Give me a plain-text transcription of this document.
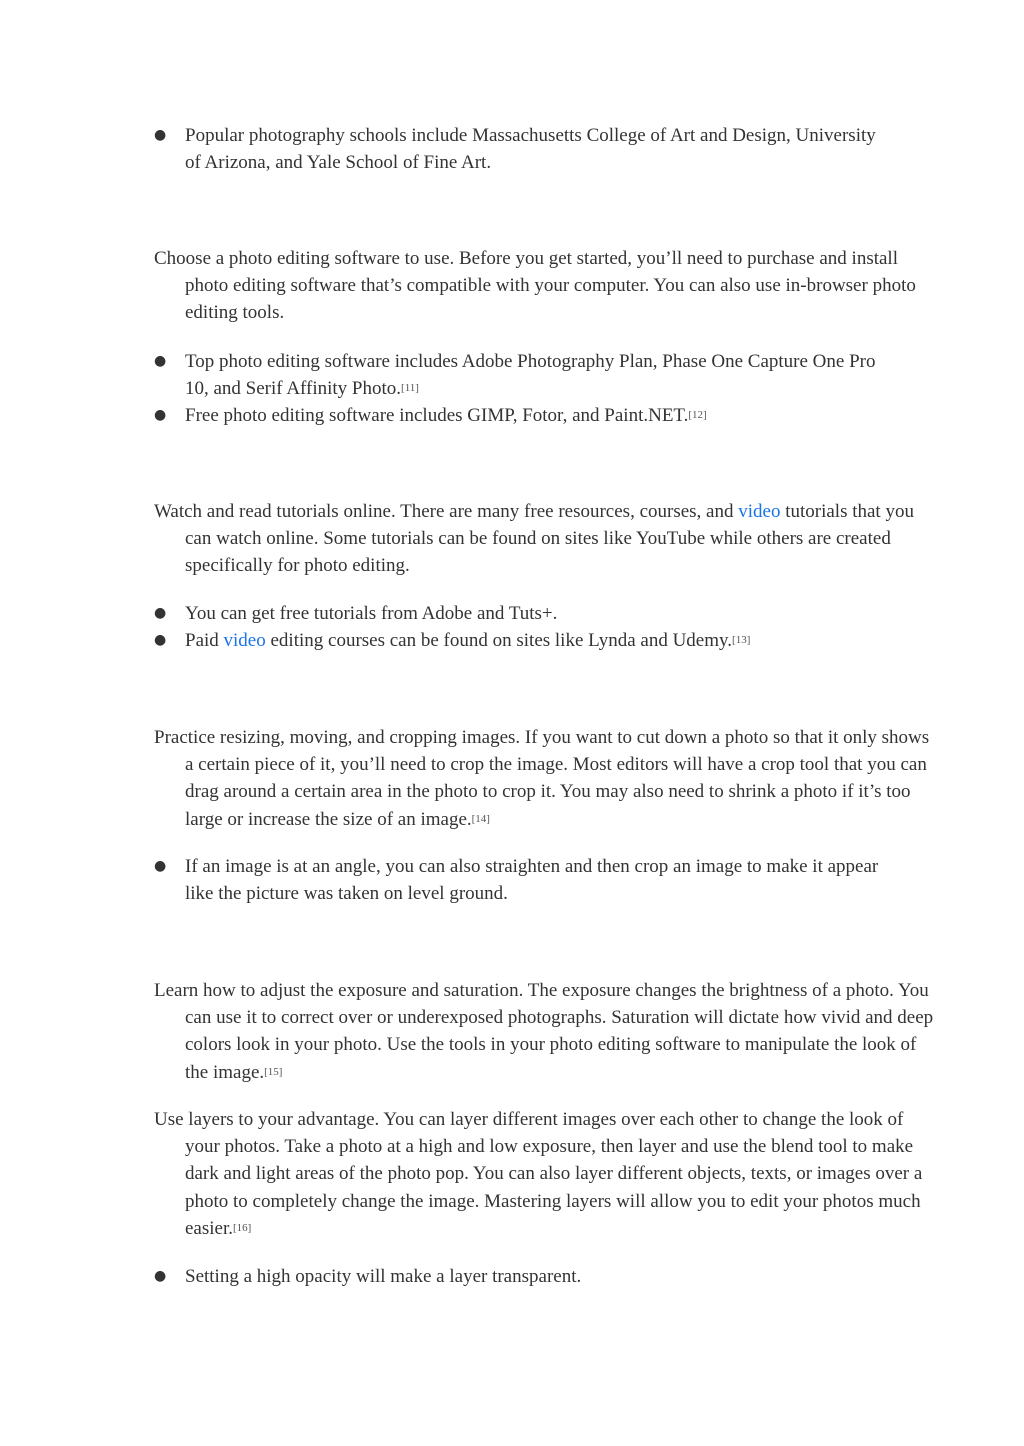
● Popular photography schools include Massachusetts College of Art and Design, University of Arizona, and Yale School of Fine Art.

Choose a photo editing software to use. Before you get started, you’ll need to purchase and install photo editing software that’s compatible with your computer. You can also use in-browser photo editing tools.

● Top photo editing software includes Adobe Photography Plan, Phase One Capture One Pro 10, and Serif Affinity Photo.[11]
● Free photo editing software includes GIMP, Fotor, and Paint.NET.[12]

Watch and read tutorials online. There are many free resources, courses, and video tutorials that you can watch online. Some tutorials can be found on sites like YouTube while others are created specifically for photo editing.

● You can get free tutorials from Adobe and Tuts+.
● Paid video editing courses can be found on sites like Lynda and Udemy.[13]

Practice resizing, moving, and cropping images. If you want to cut down a photo so that it only shows a certain piece of it, you’ll need to crop the image. Most editors will have a crop tool that you can drag around a certain area in the photo to crop it. You may also need to shrink a photo if it’s too large or increase the size of an image.[14]

● If an image is at an angle, you can also straighten and then crop an image to make it appear like the picture was taken on level ground.

Learn how to adjust the exposure and saturation. The exposure changes the brightness of a photo. You can use it to correct over or underexposed photographs. Saturation will dictate how vivid and deep colors look in your photo. Use the tools in your photo editing software to manipulate the look of the image.[15]

Use layers to your advantage. You can layer different images over each other to change the look of your photos. Take a photo at a high and low exposure, then layer and use the blend tool to make dark and light areas of the photo pop. You can also layer different objects, texts, or images over a photo to completely change the image. Mastering layers will allow you to edit your photos much easier.[16]

● Setting a high opacity will make a layer transparent.
